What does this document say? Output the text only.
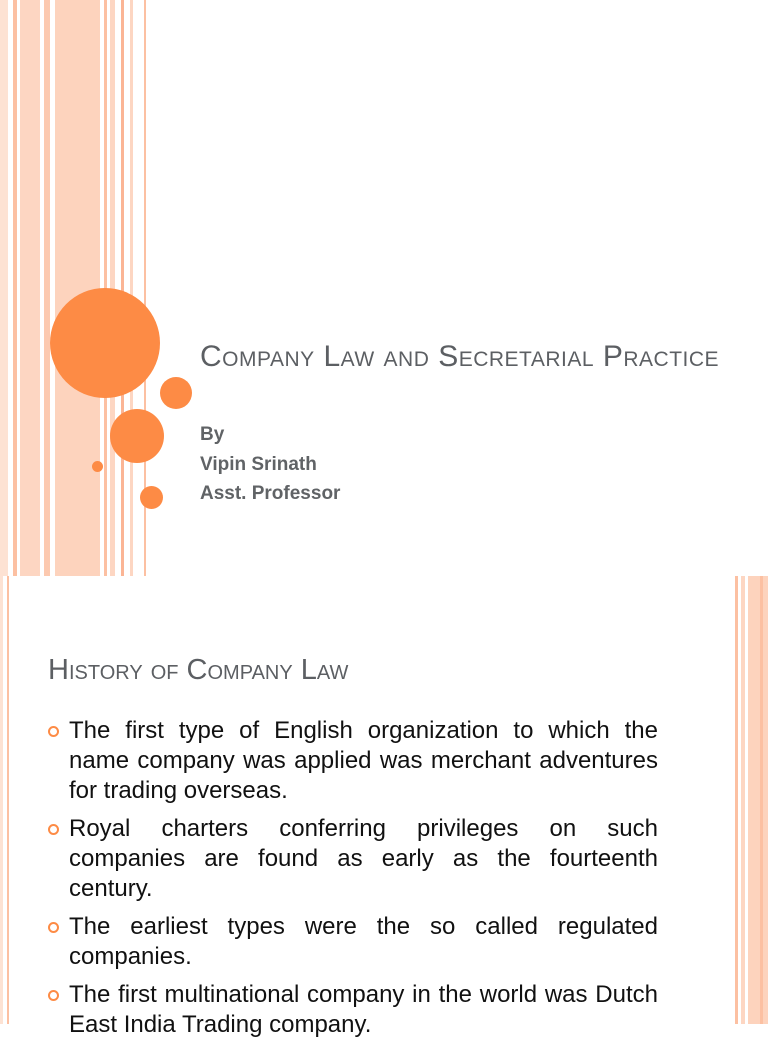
Company Law and Secretarial Practice
By
Vipin Srinath
Asst. Professor
History of Company Law
The first type of English organization to which the name company was applied was merchant adventures for trading overseas.
Royal charters conferring privileges on such companies are found as early as the fourteenth century.
The earliest types were the so called regulated companies.
The first multinational company in the world was Dutch East India Trading company.
